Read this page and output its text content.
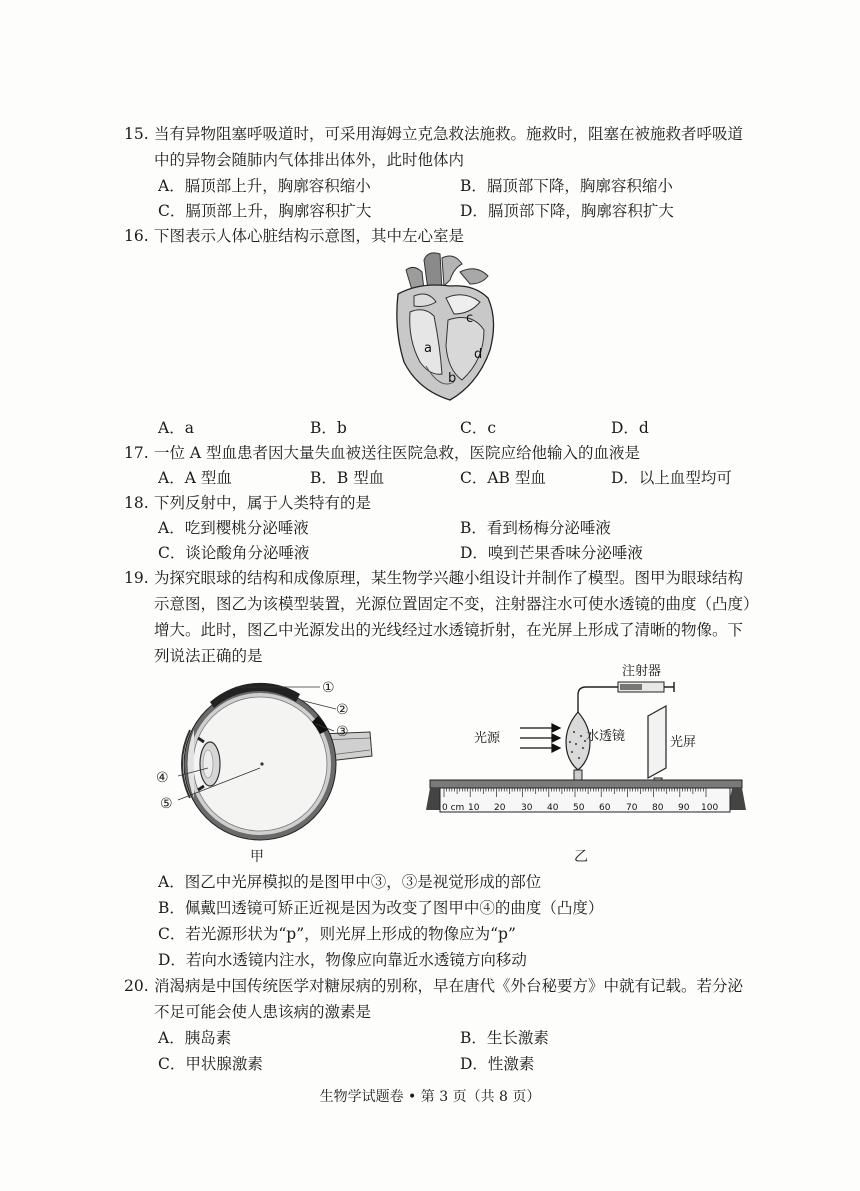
15. 当有异物阻塞呼吸道时，可采用海姆立克急救法施救。施救时，阻塞在被施救者呼吸道
中的异物会随肺内气体排出体外，此时他体内
A．膈顶部上升，胸廓容积缩小	B．膈顶部下降，胸廓容积缩小
C．膈顶部上升，胸廓容积扩大	D．膈顶部下降，胸廓容积扩大
16. 下图表示人体心脏结构示意图，其中左心室是
a
b
c
d
A．a	B．b	C．c	D．d
17. 一位 A 型血患者因大量失血被送往医院急救，医院应给他输入的血液是
A．A 型血	B．B 型血	C．AB 型血	D．以上血型均可
18. 下列反射中，属于人类特有的是
A．吃到樱桃分泌唾液	B．看到杨梅分泌唾液
C．谈论酸角分泌唾液	D．嗅到芒果香味分泌唾液
19. 为探究眼球的结构和成像原理，某生物学兴趣小组设计并制作了模型。图甲为眼球结构
示意图，图乙为该模型装置，光源位置固定不变，注射器注水可使水透镜的曲度（凸度）
增大。此时，图乙中光源发出的光线经过水透镜折射，在光屏上形成了清晰的物像。下
列说法正确的是
①
②
③
④
⑤
甲
注射器
水透镜
光源	光屏
0 cm 10 20 30 40 50 60 70 80 90 100
乙
A．图乙中光屏模拟的是图甲中③，③是视觉形成的部位
B．佩戴凹透镜可矫正近视是因为改变了图甲中④的曲度（凸度）
C．若光源形状为“p”，则光屏上形成的物像应为“p”
D．若向水透镜内注水，物像应向靠近水透镜方向移动
20. 消渴病是中国传统医学对糖尿病的别称，早在唐代《外台秘要方》中就有记载。若分泌
不足可能会使人患该病的激素是
A．胰岛素	B．生长激素
C．甲状腺激素	D．性激素
生物学试题卷 • 第 3 页（共 8 页）
